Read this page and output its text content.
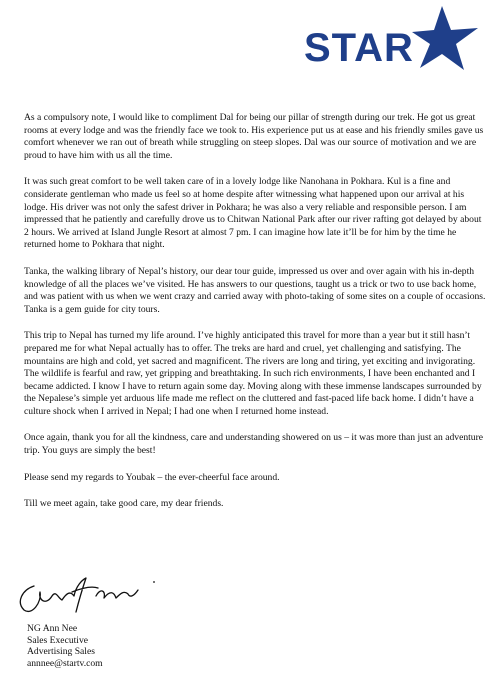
STAR

As a compulsory note, I would like to compliment Dal for being our pillar of strength during our trek. He got us great rooms at every lodge and was the friendly face we took to. His experience put us at ease and his friendly smiles gave us comfort whenever we ran out of breath while struggling on steep slopes. Dal was our source of motivation and we are proud to have him with us all the time.

It was such great comfort to be well taken care of in a lovely lodge like Nanohana in Pokhara. Kul is a fine and considerate gentleman who made us feel so at home despite after witnessing what happened upon our arrival at his lodge. His driver was not only the safest driver in Pokhara; he was also a very reliable and responsible person. I am impressed that he patiently and carefully drove us to Chitwan National Park after our river rafting got delayed by about 2 hours. We arrived at Island Jungle Resort at almost 7 pm. I can imagine how late it’ll be for him by the time he returned home to Pokhara that night.

Tanka, the walking library of Nepal’s history, our dear tour guide, impressed us over and over again with his in-depth knowledge of all the places we’ve visited. He has answers to our questions, taught us a trick or two to use back home, and was patient with us when we went crazy and carried away with photo-taking of some sites on a couple of occasions. Tanka is a gem guide for city tours.

This trip to Nepal has turned my life around. I’ve highly anticipated this travel for more than a year but it still hasn’t prepared me for what Nepal actually has to offer. The treks are hard and cruel, yet challenging and satisfying. The mountains are high and cold, yet sacred and magnificent. The rivers are long and tiring, yet exciting and invigorating. The wildlife is fearful and raw, yet gripping and breathtaking. In such rich environments, I have been enchanted and I became addicted. I know I have to return again some day. Moving along with these immense landscapes surrounded by the Nepalese’s simple yet arduous life made me reflect on the cluttered and fast-paced life back home. I didn’t have a culture shock when I arrived in Nepal; I had one when I returned home instead.

Once again, thank you for all the kindness, care and understanding showered on us – it was more than just an adventure trip. You guys are simply the best!

Please send my regards to Youbak – the ever-cheerful face around.

Till we meet again, take good care, my dear friends.

NG Ann Nee
Sales Executive
Advertising Sales
annnee@startv.com
